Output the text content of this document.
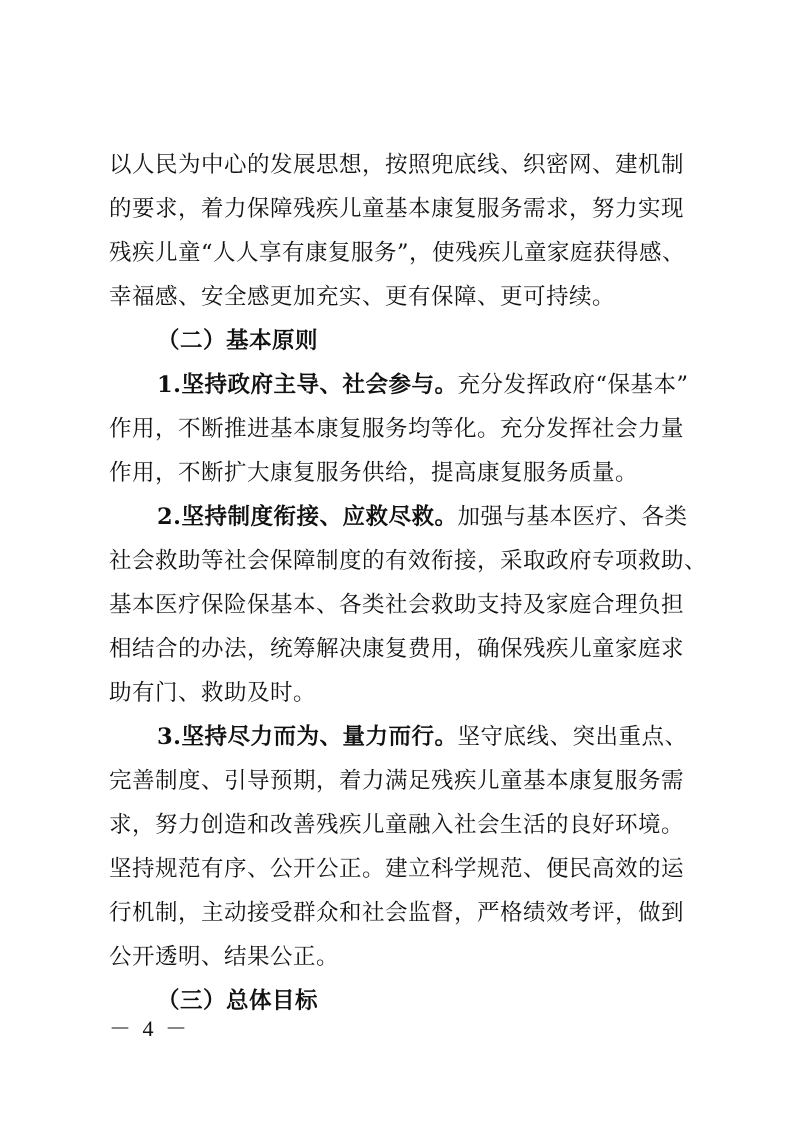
以人民为中心的发展思想，按照兜底线、织密网、建机制
的要求，着力保障残疾儿童基本康复服务需求，努力实现
残疾儿童“人人享有康复服务”，使残疾儿童家庭获得感、
幸福感、安全感更加充实、更有保障、更可持续。
（二）基本原则
1.坚持政府主导、社会参与。充分发挥政府“保基本”
作用，不断推进基本康复服务均等化。充分发挥社会力量
作用，不断扩大康复服务供给，提高康复服务质量。
2.坚持制度衔接、应救尽救。加强与基本医疗、各类
社会救助等社会保障制度的有效衔接，采取政府专项救助、
基本医疗保险保基本、各类社会救助支持及家庭合理负担
相结合的办法，统筹解决康复费用，确保残疾儿童家庭求
助有门、救助及时。
3.坚持尽力而为、量力而行。坚守底线、突出重点、
完善制度、引导预期，着力满足残疾儿童基本康复服务需
求，努力创造和改善残疾儿童融入社会生活的良好环境。
坚持规范有序、公开公正。建立科学规范、便民高效的运
行机制，主动接受群众和社会监督，严格绩效考评，做到
公开透明、结果公正。
（三）总体目标
－ 4 －
